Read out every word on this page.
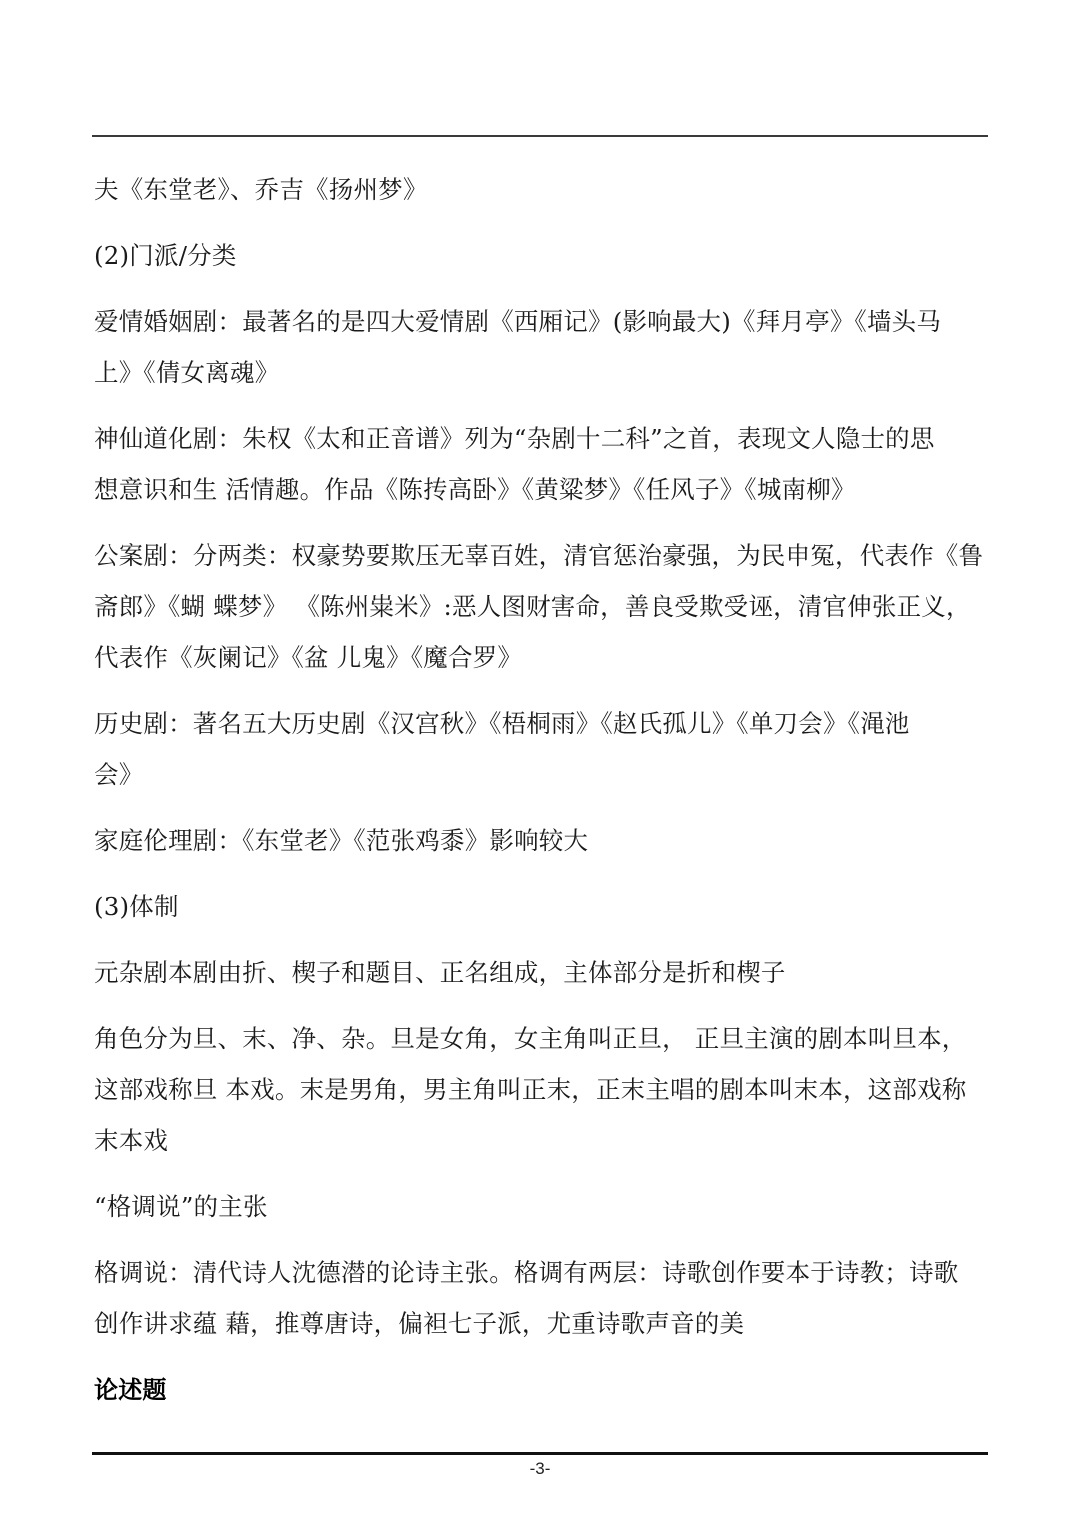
夫《东堂老》、乔吉《扬州梦》
(2)门派/分类
爱情婚姻剧：最著名的是四大爱情剧《西厢记》(影响最大)《拜月亭》《墙头马
上》《倩女离魂》
神仙道化剧：朱权《太和正音谱》列为“杂剧十二科”之首，表现文人隐士的思
想意识和生 活情趣。作品《陈抟高卧》《黄粱梦》《任风子》《城南柳》
公案剧：分两类：权豪势要欺压无辜百姓，清官惩治豪强，为民申冤，代表作《鲁
斋郎》《蝴 蝶梦》 《陈州粜米》:恶人图财害命，善良受欺受诬，清官伸张正义，
代表作《灰阑记》《盆 儿鬼》《魔合罗》
历史剧：著名五大历史剧《汉宫秋》《梧桐雨》《赵氏孤儿》《单刀会》《渑池
会》
家庭伦理剧：《东堂老》《范张鸡黍》影响较大
(3)体制
元杂剧本剧由折、楔子和题目、正名组成，主体部分是折和楔子
角色分为旦、末、净、杂。旦是女角，女主角叫正旦， 正旦主演的剧本叫旦本，
这部戏称旦 本戏。末是男角，男主角叫正末，正末主唱的剧本叫末本，这部戏称
末本戏
“格调说”的主张
格调说：清代诗人沈德潜的论诗主张。格调有两层：诗歌创作要本于诗教；诗歌
创作讲求蕴 藉，推尊唐诗，偏袒七子派，尤重诗歌声音的美
论述题
-3-
